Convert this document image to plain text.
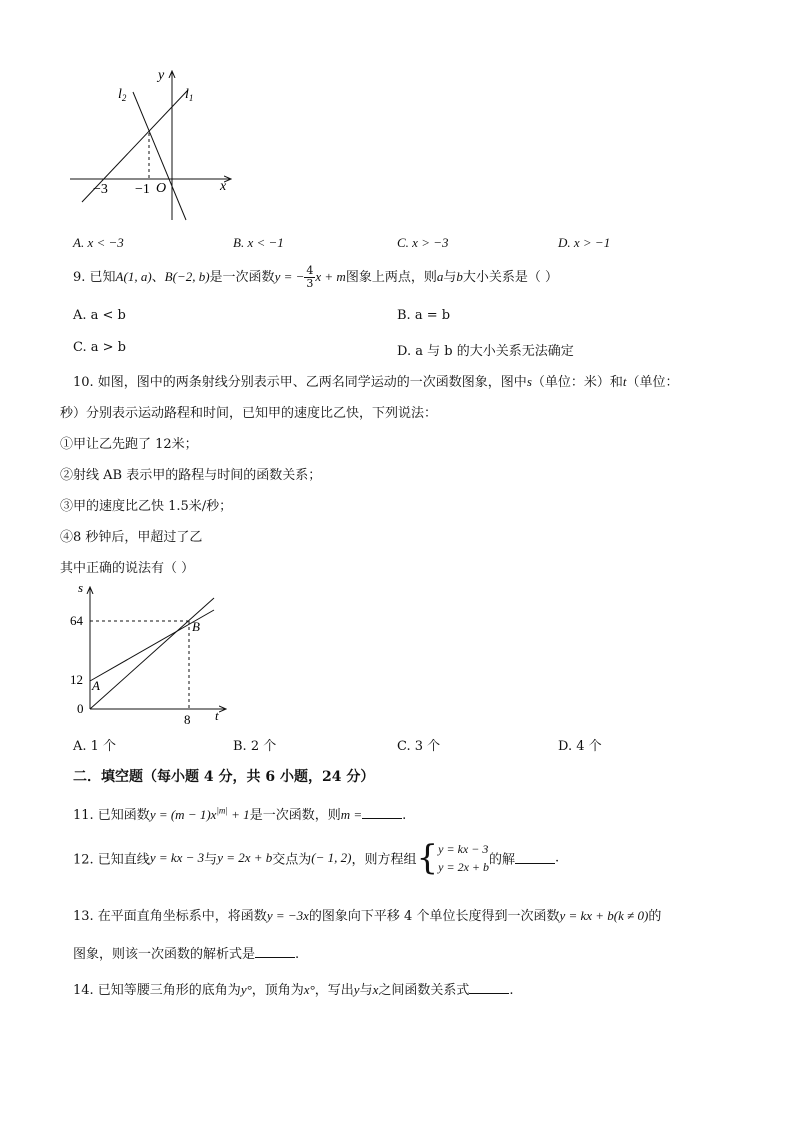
y
x
$l_2$	$l_1$
O
−3 −1
A. x < −3	B. x < −1	C. x > −3	D. x > −1
9. 已知A(1, a)、B(−2, b)是一次函数y = − $\frac{4}{3}$ x + m图象上两点，则a与b大小关系是（ ）
A. a < b	B. a = b
C. a > b	D. a 与 b 的大小关系无法确定
10. 如图，图中的两条射线分别表示甲、乙两名同学运动的一次函数图象，图中s（单位：米）和t（单位：
秒）分别表示运动路程和时间，已知甲的速度比乙快，下列说法：
①甲让乙先跑了 12米；
②射线 AB 表示甲的路程与时间的函数关系；
③甲的速度比乙快 1.5米/秒；
④8 秒钟后，甲超过了乙
其中正确的说法有（ ）
s
t
64
12
0
8
A
B
A. 1 个	B. 2 个	C. 3 个	D. 4 个
二．填空题（每小题 4 分，共 6 小题，24 分）
11. 已知函数$y = (m - 1)x^{|m|} + 1$是一次函数，则m =	.
12. 已知直线y = kx − 3与y = 2x + b交点为(− 1, 2)，则方程组{ y = kx − 3
y = 2x + b 的解	.
13. 在平面直角坐标系中，将函数y = −3x的图象向下平移 4 个单位长度得到一次函数y = kx + b(k ≠ 0)的
图象，则该一次函数的解析式是	.
14. 已知等腰三角形的底角为y°，顶角为x°，写出y与x之间函数关系式	.
